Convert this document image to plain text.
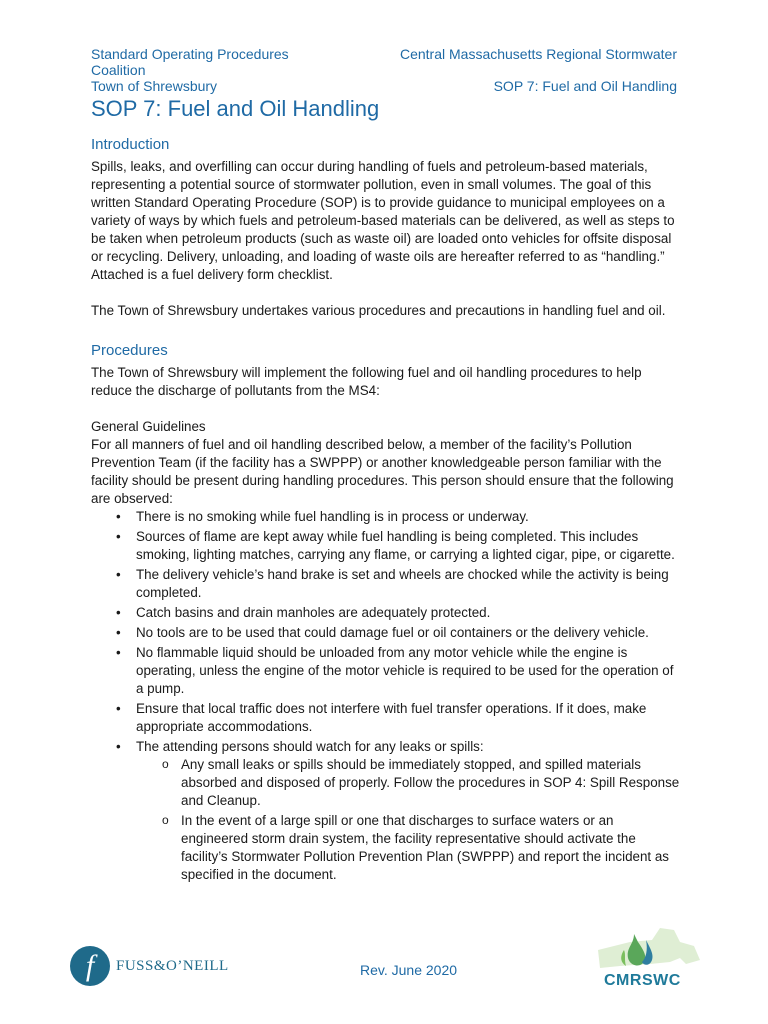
Standard Operating Procedures
Coalition
Town of Shrewsbury
Central Massachusetts Regional Stormwater
SOP 7: Fuel and Oil Handling
SOP 7: Fuel and Oil Handling
Introduction

Spills, leaks, and overfilling can occur during handling of fuels and petroleum-based materials, representing a potential source of stormwater pollution, even in small volumes. The goal of this written Standard Operating Procedure (SOP) is to provide guidance to municipal employees on a variety of ways by which fuels and petroleum-based materials can be delivered, as well as steps to be taken when petroleum products (such as waste oil) are loaded onto vehicles for offsite disposal or recycling. Delivery, unloading, and loading of waste oils are hereafter referred to as “handling.” Attached is a fuel delivery form checklist.

The Town of Shrewsbury undertakes various procedures and precautions in handling fuel and oil.

Procedures

The Town of Shrewsbury will implement the following fuel and oil handling procedures to help reduce the discharge of pollutants from the MS4:

General Guidelines

For all manners of fuel and oil handling described below, a member of the facility’s Pollution Prevention Team (if the facility has a SWPPP) or another knowledgeable person familiar with the facility should be present during handling procedures. This person should ensure that the following are observed:

• There is no smoking while fuel handling is in process or underway.
• Sources of flame are kept away while fuel handling is being completed. This includes smoking, lighting matches, carrying any flame, or carrying a lighted cigar, pipe, or cigarette.
• The delivery vehicle’s hand brake is set and wheels are chocked while the activity is being completed.
• Catch basins and drain manholes are adequately protected.
• No tools are to be used that could damage fuel or oil containers or the delivery vehicle.
• No flammable liquid should be unloaded from any motor vehicle while the engine is operating, unless the engine of the motor vehicle is required to be used for the operation of a pump.
• Ensure that local traffic does not interfere with fuel transfer operations. If it does, make appropriate accommodations.
• The attending persons should watch for any leaks or spills:
o Any small leaks or spills should be immediately stopped, and spilled materials absorbed and disposed of properly. Follow the procedures in SOP 4: Spill Response and Cleanup.
o In the event of a large spill or one that discharges to surface waters or an engineered storm drain system, the facility representative should activate the facility’s Stormwater Pollution Prevention Plan (SWPPP) and report the incident as specified in the document.
f	FUSS&O’NEILL	Rev. June 2020
CMRSWC
